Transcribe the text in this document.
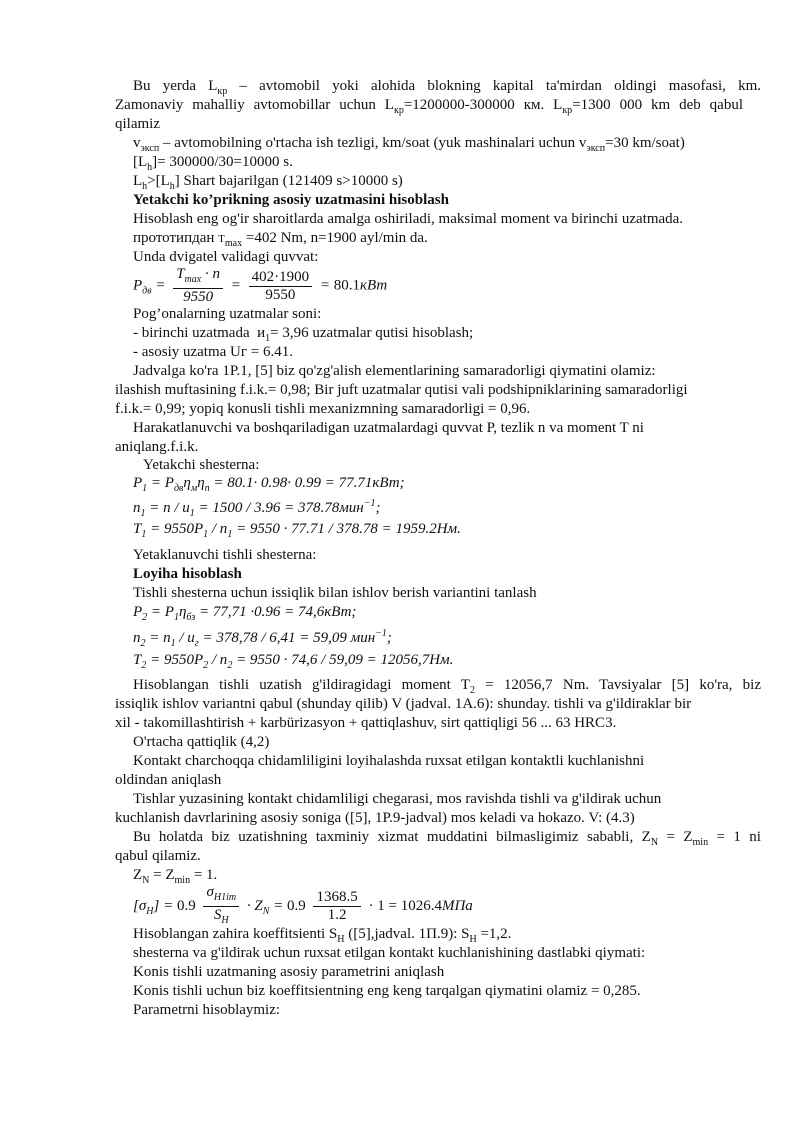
Bu yerda $L_{кр}$ – avtomobil yoki alohida blokning kapital ta'mirdan oldingi masofasi, km.
Zamonaviy mahalliy avtomobillar uchun $L_{кр}=1200000-300000$ км. $L_{кр}=1300$ 000 km deb qabul
qilamiz
$v_{эксп}$ – avtomobilning o'rtacha ish tezligi, km/soat (yuk mashinalari uchun $v_{эксп}=30$ km/soat)
$[L_h]= 300000/30=10000$ s.
$L_h>[L_h]$ Shart bajarilgan (121409 s>10000 s)
Yetakchi ko’prikning asosiy uzatmasini hisoblash
Hisoblash eng og'ir sharoitlarda amalga oshiriladi, maksimal moment va birinchi uzatmada.
прототипдан $T_{max} =402$ Nm, n=1900 ayl/min da.
Unda dvigatel validagi quvvat:
$P_{дв} = \frac{T_{max} \cdot n}{9550} = \frac{402\cdot 1900}{9550} = 80.1кВт$
Pog’onalarning uzatmalar soni:
- birinchi uzatmada  $и_1= 3,96$ uzatmalar qutisi hisoblash;
- asosiy uzatma Uг = 6.41.
Jadvalga ko'ra 1P.1, [5] biz qo'zg'alish elementlarining samaradorligi qiymatini olamiz:
ilashish muftasining f.i.k.= 0,98; Bir juft uzatmalar qutisi vali podshipniklarining samaradorligi
f.i.k.= 0,99; yopiq konusli tishli mexanizmning samaradorligi = 0,96.
Harakatlanuvchi va boshqariladigan uzatmalardagi quvvat P, tezlik n va moment T ni
aniqlang.f.i.k.
Yetakchi shesterna:
$P_1 = P_{дв}\eta_м\eta_п = 80.1\cdot 0.98\cdot 0.99 = 77.71кВт$;
$n_1 = n / u_1 = 1500 / 3.96 = 378.78мин^{-1}$;
$T_1 = 9550P_1 / n_1 = 9550 \cdot 77.71 / 378.78 = 1959.2Нм$.
Yetaklanuvchi tishli shesterna:
Loyiha hisoblash
Tishli shesterna uchun issiqlik bilan ishlov berish variantini tanlash
$P_2 = P_1\eta_{бз} = 77,71 \cdot 0.96 = 74,6кВт$;
$n_2 = n_1 / u_г = 378,78 / 6,41 = 59,09$ мин$^{-1}$;
$T_2 = 9550P_2 / n_2 = 9550 \cdot 74,6 / 59,09 = 12056,7Нм$.
Hisoblangan tishli uzatish g'ildiragidagi moment $T_2 = 12056,7$ Nm. Tavsiyalar [5] ko'ra, biz
issiqlik ishlov variantni qabul (shunday qilib) V (jadval. 1A.6): shunday. tishli va g'ildiraklar bir
xil - takomillashtirish + karbürizasyon + qattiqlashuv, sirt qattiqligi 56 ... 63 HRC3.
O'rtacha qattiqlik (4,2)
Kontakt charchoqqa chidamliligini loyihalashda ruxsat etilgan kontaktli kuchlanishni
oldindan aniqlash
Tishlar yuzasining kontakt chidamliligi chegarasi, mos ravishda tishli va g'ildirak uchun
kuchlanish davrlarining asosiy soniga ([5], 1P.9-jadval) mos keladi va hokazo. V: (4.3)
Bu holatda biz uzatishning taxminiy xizmat muddatini bilmasligimiz sababli, $Z_N = Z_{min} = 1$ ni
qabul qilamiz.
$Z_N = Z_{min} = 1$.
$[\sigma_H] = 0.9 \frac{\sigma_{H1im}}{S_H} \cdot Z_N = 0.9 \frac{1368.5}{1.2} \cdot 1 = 1026.4МПа$
Hisoblangan zahira koeffitsienti $S_H$ ([5],jadval. 1П.9): $S_H =1,2$.
shesterna va g'ildirak uchun ruxsat etilgan kontakt kuchlanishining dastlabki qiymati:
Konis tishli uzatmaning asosiy parametrini aniqlash
Konis tishli uchun biz koeffitsientning eng keng tarqalgan qiymatini olamiz = 0,285.
Parametrni hisoblaymiz:
